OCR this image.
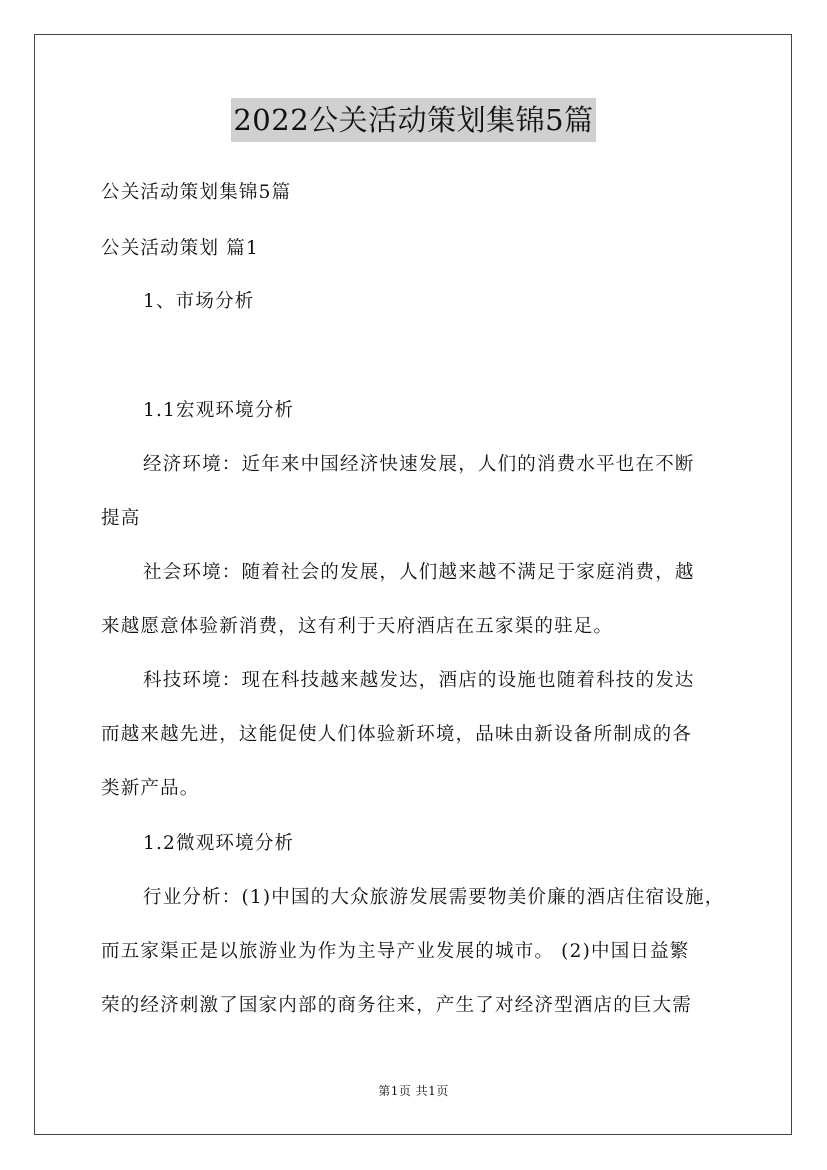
2022公关活动策划集锦5篇
公关活动策划集锦5篇
公关活动策划 篇1
1、市场分析
1.1宏观环境分析
经济环境：近年来中国经济快速发展，人们的消费水平也在不断
提高
社会环境：随着社会的发展，人们越来越不满足于家庭消费，越
来越愿意体验新消费，这有利于天府酒店在五家渠的驻足。
科技环境：现在科技越来越发达，酒店的设施也随着科技的发达
而越来越先进，这能促使人们体验新环境，品味由新设备所制成的各
类新产品。
1.2微观环境分析
行业分析：(1)中国的大众旅游发展需要物美价廉的酒店住宿设施，
而五家渠正是以旅游业为作为主导产业发展的城市。 (2)中国日益繁
荣的经济刺激了国家内部的商务往来，产生了对经济型酒店的巨大需
第1页 共1页
